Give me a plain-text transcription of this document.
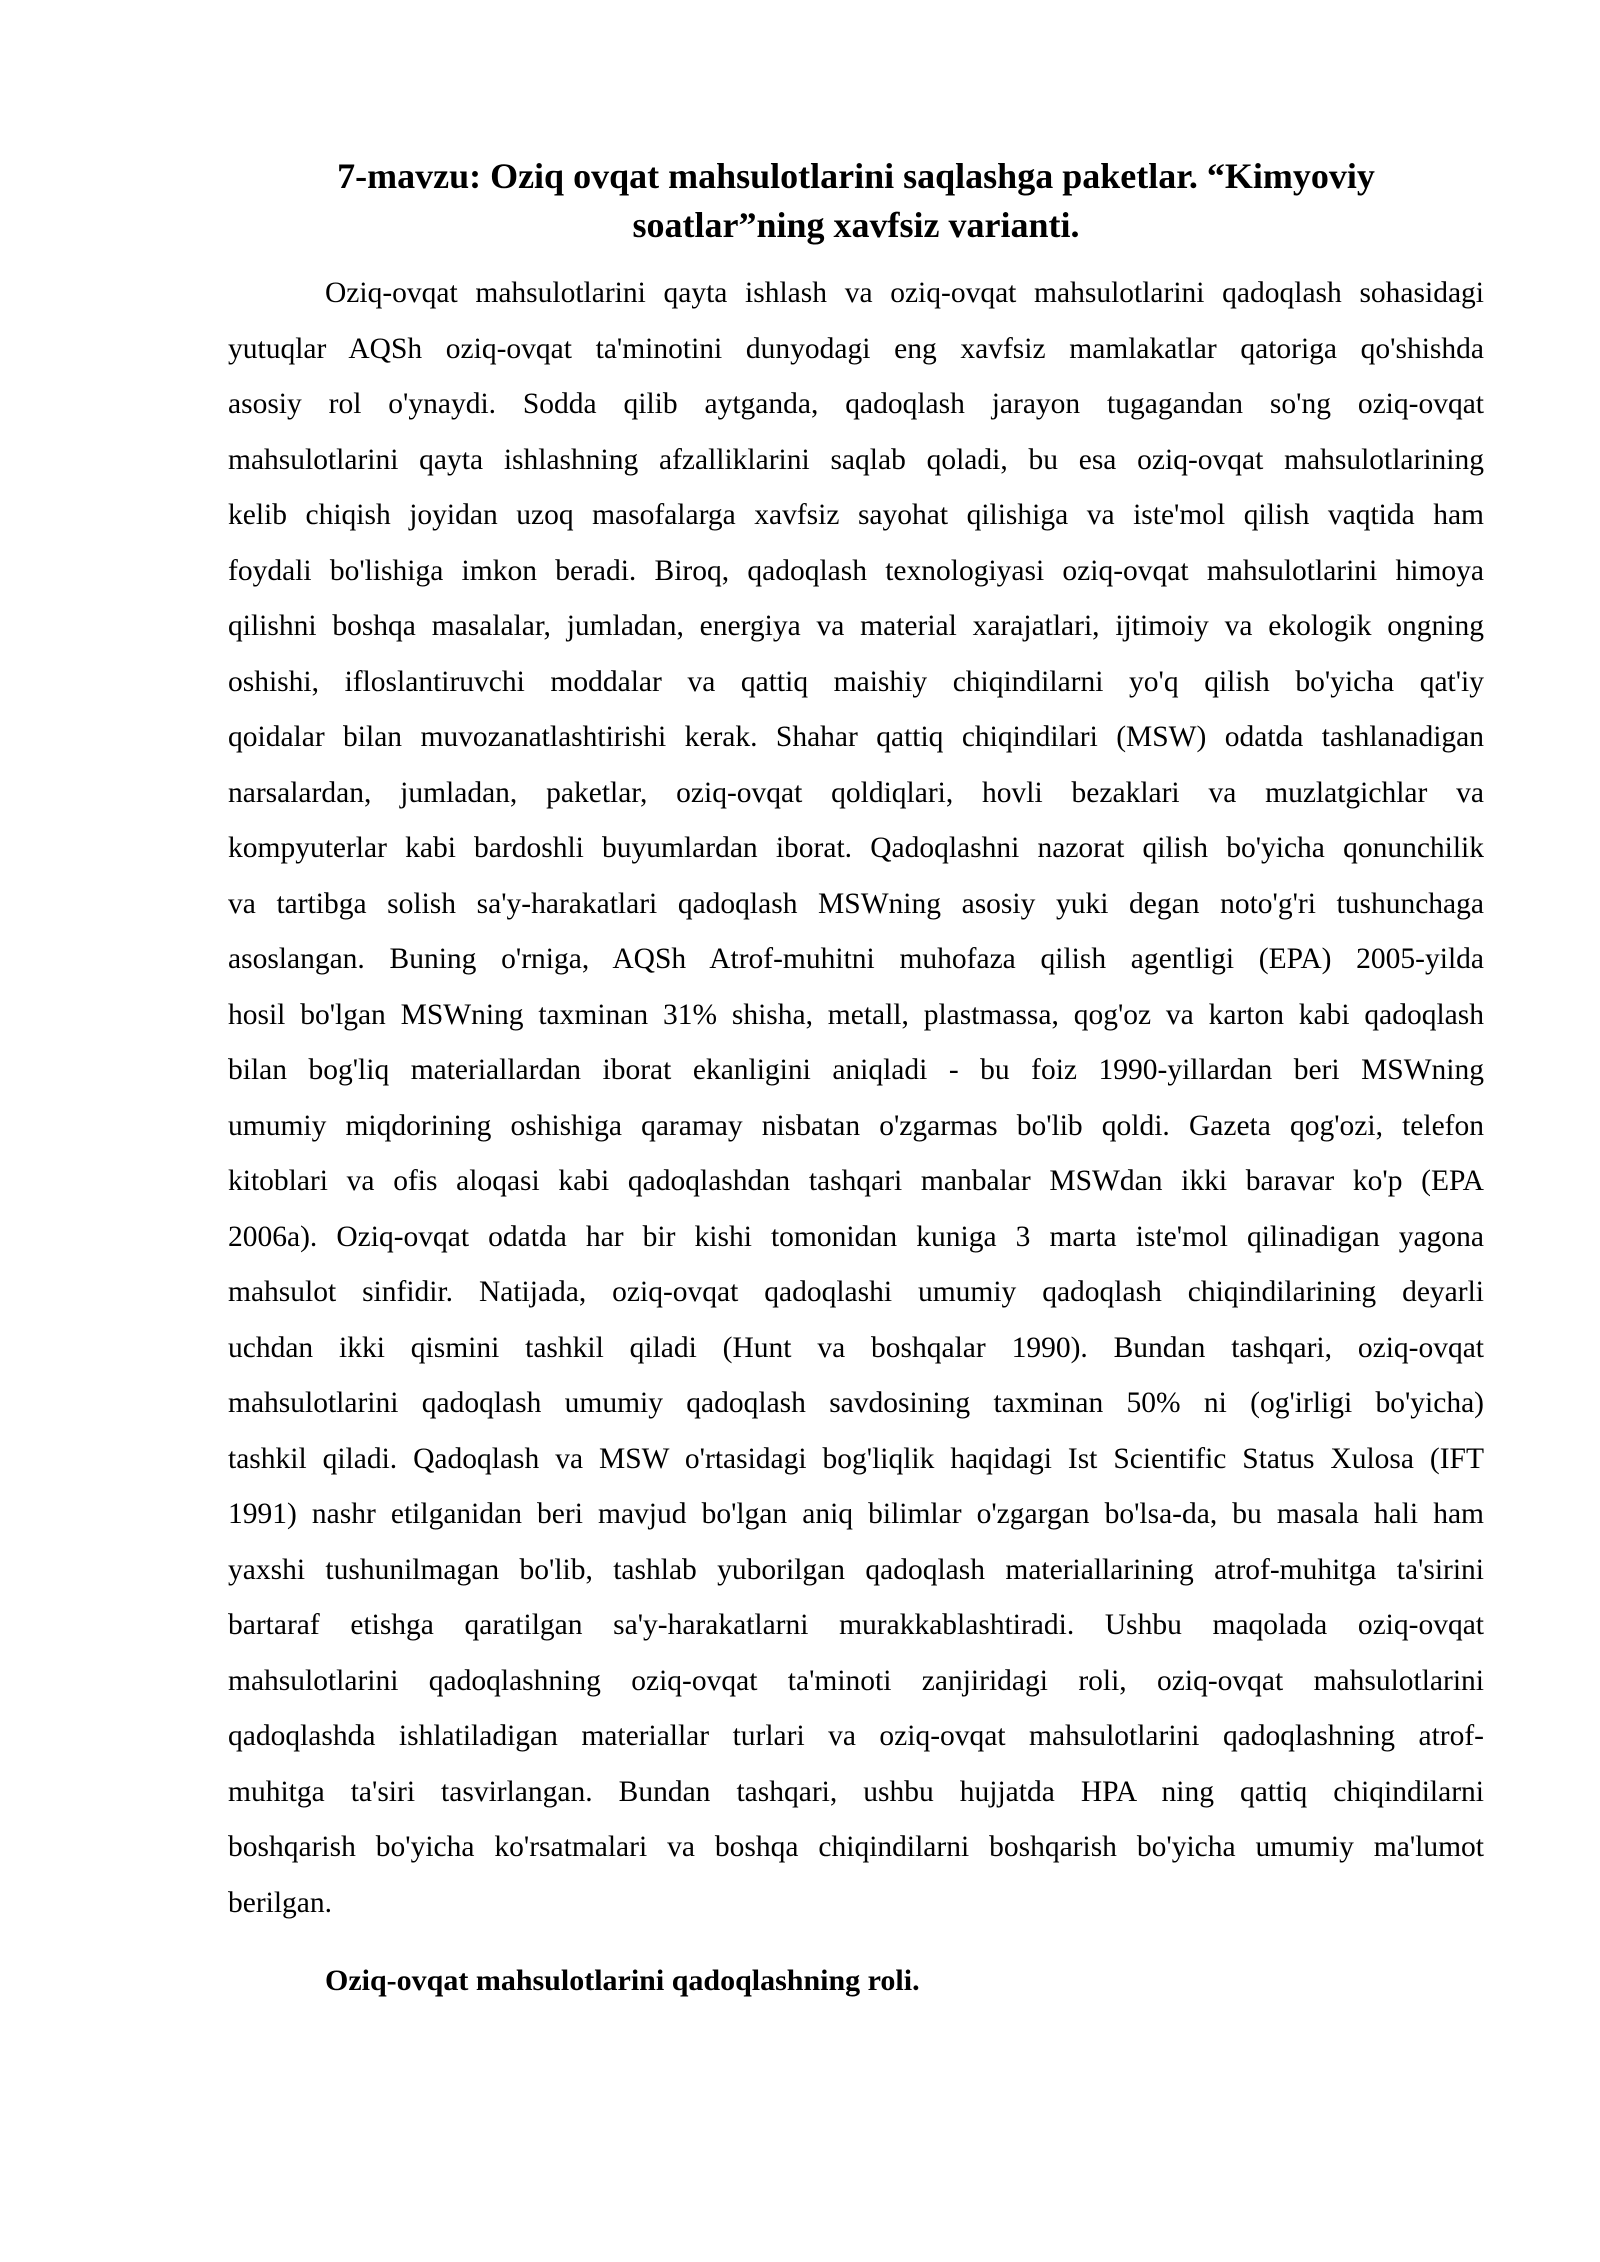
7-mavzu: Oziq ovqat mahsulotlarini saqlashga paketlar. “Kimyoviy
soatlar”ning xavfsiz varianti.
Oziq-ovqat mahsulotlarini qayta ishlash va oziq-ovqat mahsulotlarini qadoqlash sohasidagi
yutuqlar AQSh oziq-ovqat ta'minotini dunyodagi eng xavfsiz mamlakatlar qatoriga qo'shishda
asosiy rol o'ynaydi. Sodda qilib aytganda, qadoqlash jarayon tugagandan so'ng oziq-ovqat
mahsulotlarini qayta ishlashning afzalliklarini saqlab qoladi, bu esa oziq-ovqat mahsulotlarining
kelib chiqish joyidan uzoq masofalarga xavfsiz sayohat qilishiga va iste'mol qilish vaqtida ham
foydali bo'lishiga imkon beradi. Biroq, qadoqlash texnologiyasi oziq-ovqat mahsulotlarini himoya
qilishni boshqa masalalar, jumladan, energiya va material xarajatlari, ijtimoiy va ekologik ongning
oshishi, ifloslantiruvchi moddalar va qattiq maishiy chiqindilarni yo'q qilish bo'yicha qat'iy
qoidalar bilan muvozanatlashtirishi kerak. Shahar qattiq chiqindilari (MSW) odatda tashlanadigan
narsalardan, jumladan, paketlar, oziq-ovqat qoldiqlari, hovli bezaklari va muzlatgichlar va
kompyuterlar kabi bardoshli buyumlardan iborat. Qadoqlashni nazorat qilish bo'yicha qonunchilik
va tartibga solish sa'y-harakatlari qadoqlash MSWning asosiy yuki degan noto'g'ri tushunchaga
asoslangan. Buning o'rniga, AQSh Atrof-muhitni muhofaza qilish agentligi (EPA) 2005-yilda
hosil bo'lgan MSWning taxminan 31% shisha, metall, plastmassa, qog'oz va karton kabi qadoqlash
bilan bog'liq materiallardan iborat ekanligini aniqladi - bu foiz 1990-yillardan beri MSWning
umumiy miqdorining oshishiga qaramay nisbatan o'zgarmas bo'lib qoldi. Gazeta qog'ozi, telefon
kitoblari va ofis aloqasi kabi qadoqlashdan tashqari manbalar MSWdan ikki baravar ko'p (EPA
2006a). Oziq-ovqat odatda har bir kishi tomonidan kuniga 3 marta iste'mol qilinadigan yagona
mahsulot sinfidir. Natijada, oziq-ovqat qadoqlashi umumiy qadoqlash chiqindilarining deyarli
uchdan ikki qismini tashkil qiladi (Hunt va boshqalar 1990). Bundan tashqari, oziq-ovqat
mahsulotlarini qadoqlash umumiy qadoqlash savdosining taxminan 50% ni (og'irligi bo'yicha)
tashkil qiladi. Qadoqlash va MSW o'rtasidagi bog'liqlik haqidagi Ist Scientific Status Xulosa (IFT
1991) nashr etilganidan beri mavjud bo'lgan aniq bilimlar o'zgargan bo'lsa-da, bu masala hali ham
yaxshi tushunilmagan bo'lib, tashlab yuborilgan qadoqlash materiallarining atrof-muhitga ta'sirini
bartaraf etishga qaratilgan sa'y-harakatlarni murakkablashtiradi. Ushbu maqolada oziq-ovqat
mahsulotlarini qadoqlashning oziq-ovqat ta'minoti zanjiridagi roli, oziq-ovqat mahsulotlarini
qadoqlashda ishlatiladigan materiallar turlari va oziq-ovqat mahsulotlarini qadoqlashning atrof-
muhitga ta'siri tasvirlangan. Bundan tashqari, ushbu hujjatda HPA ning qattiq chiqindilarni
boshqarish bo'yicha ko'rsatmalari va boshqa chiqindilarni boshqarish bo'yicha umumiy ma'lumot
berilgan.
Oziq-ovqat mahsulotlarini qadoqlashning roli.
